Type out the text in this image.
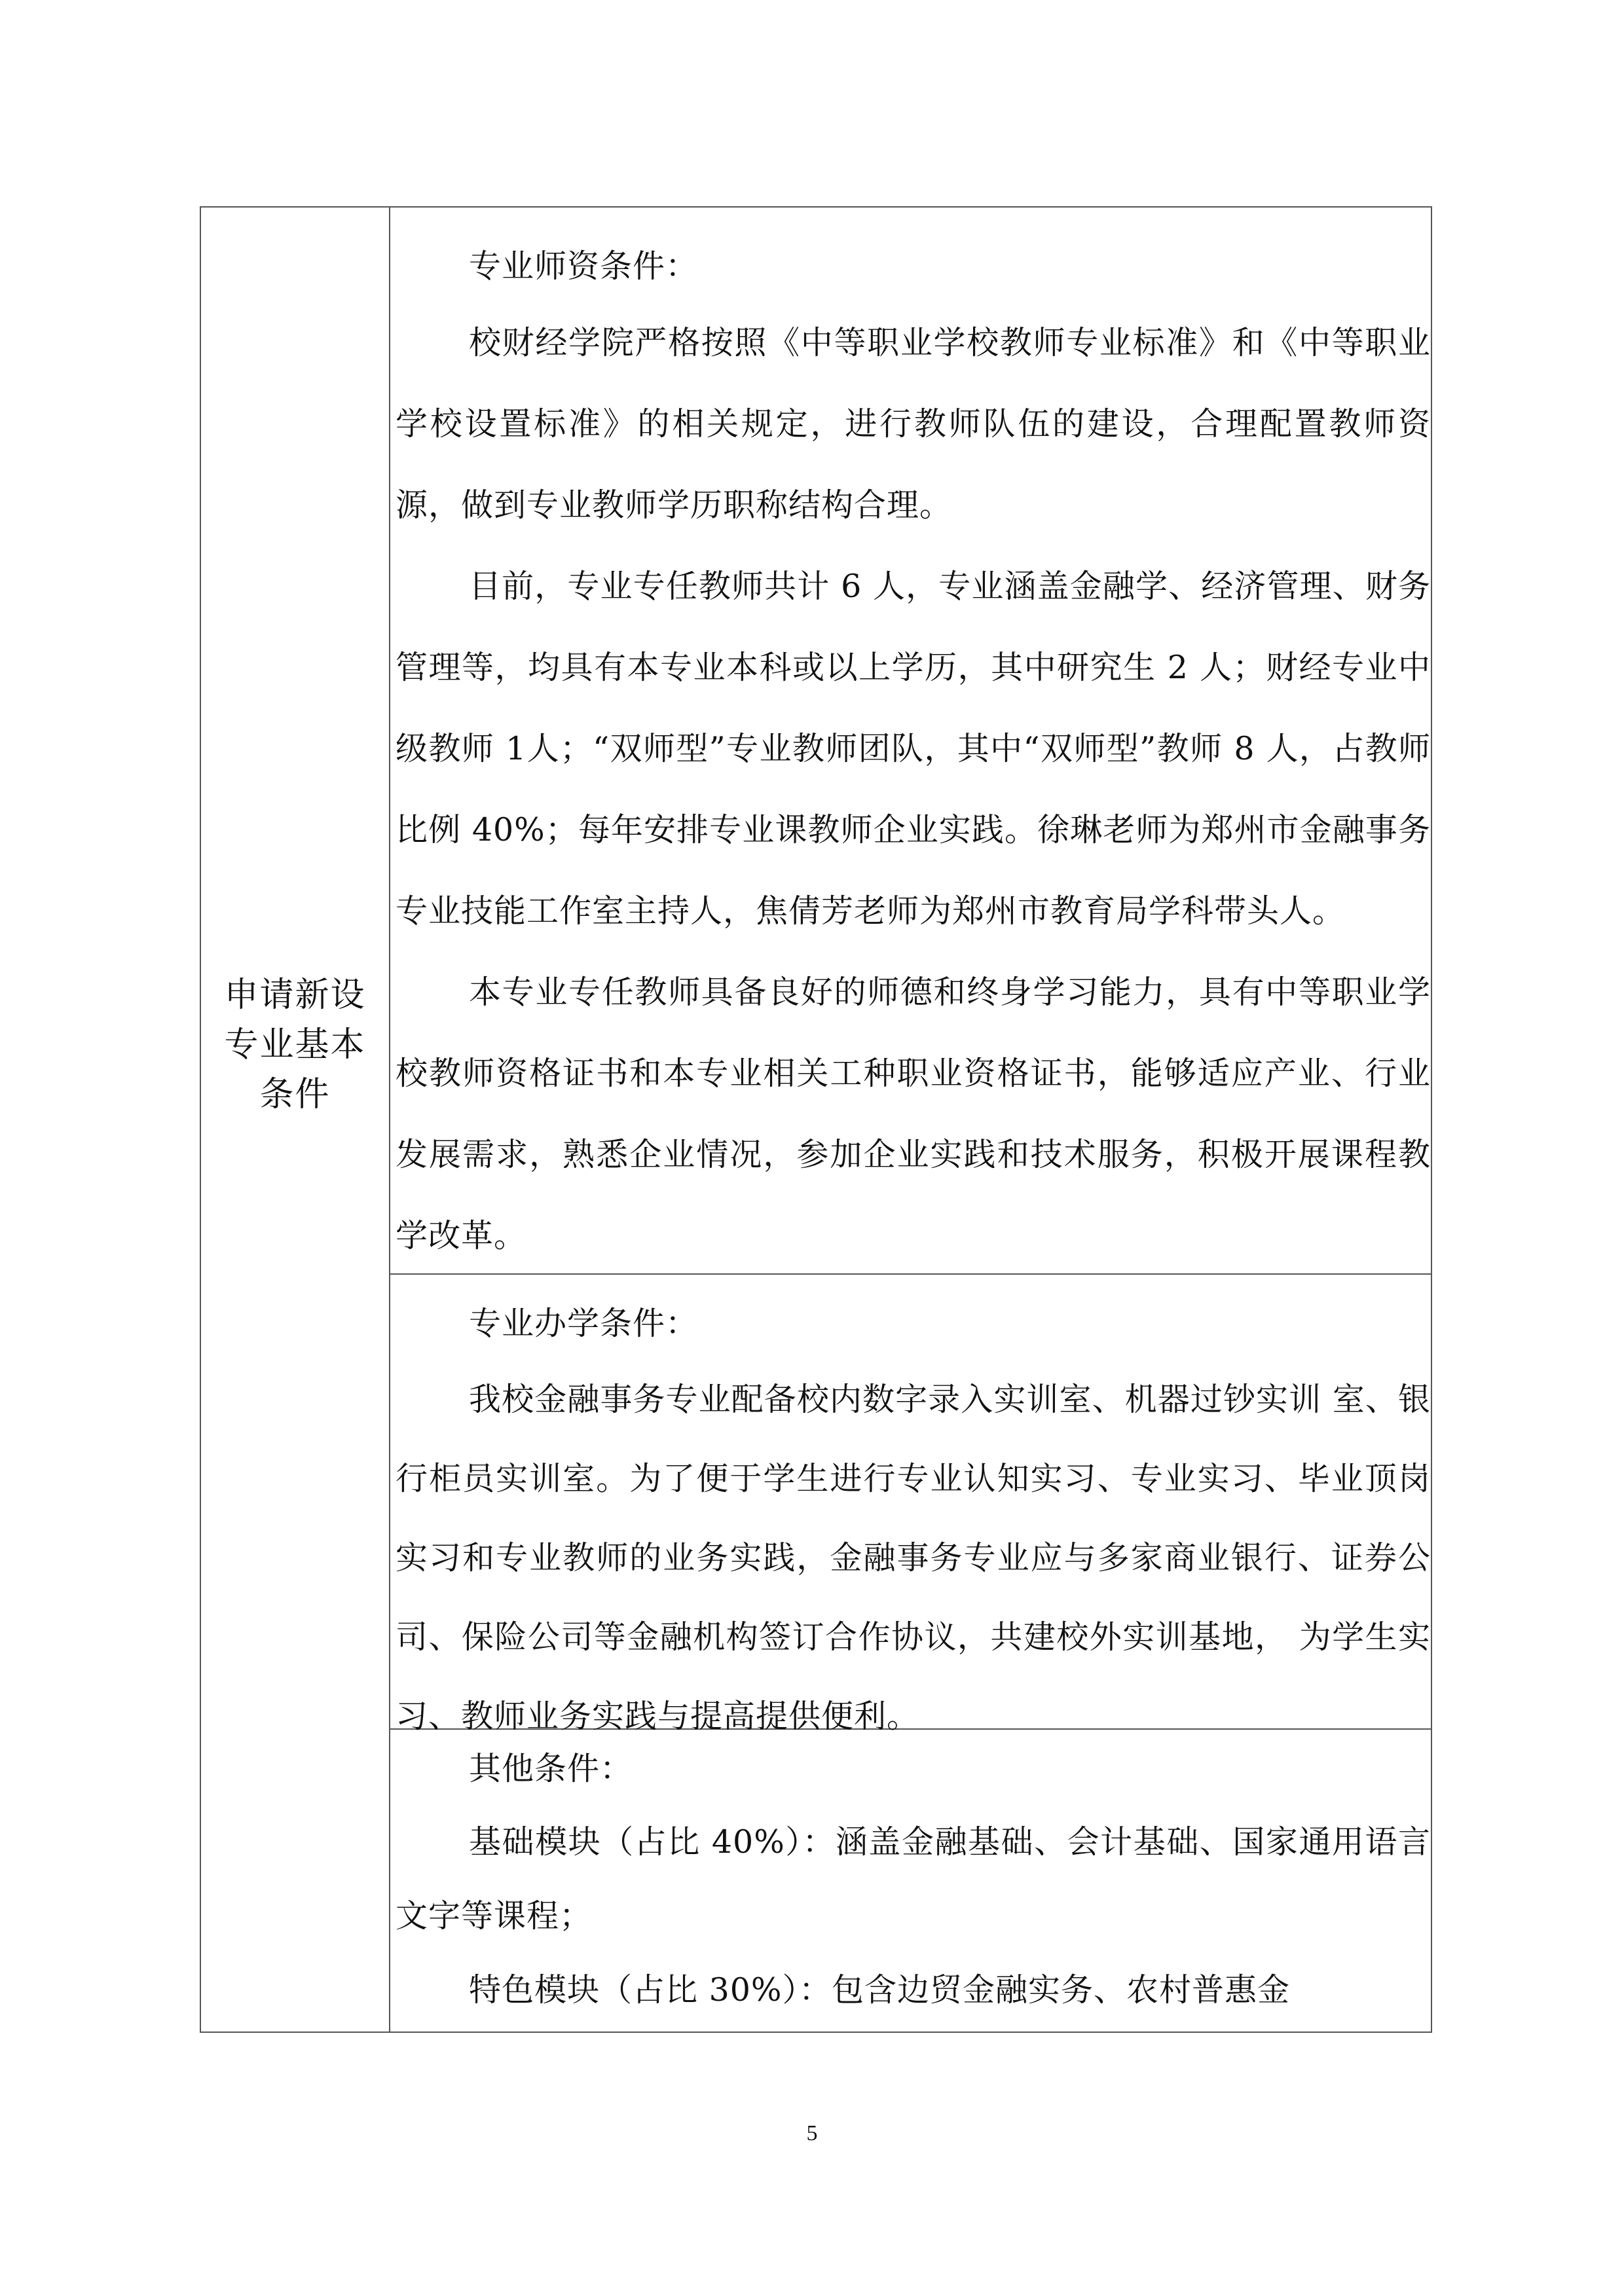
申请新设
专业基本
条件

专业师资条件：

校财经学院严格按照《中等职业学校教师专业标准》和《中等职业学校设置标准》的相关规定，进行教师队伍的建设，合理配置教师资源，做到专业教师学历职称结构合理。

目前，专业专任教师共计 6 人，专业涵盖金融学、经济管理、财务管理等，均具有本专业本科或以上学历，其中研究生 2 人；财经专业中级教师 1人；“双师型”专业教师团队，其中“双师型”教师 8 人，占教师比例 40%；每年安排专业课教师企业实践。徐琳老师为郑州市金融事务专业技能工作室主持人，焦倩芳老师为郑州市教育局学科带头人。

本专业专任教师具备良好的师德和终身学习能力，具有中等职业学校教师资格证书和本专业相关工种职业资格证书，能够适应产业、行业发展需求，熟悉企业情况，参加企业实践和技术服务，积极开展课程教学改革。

专业办学条件：

我校金融事务专业配备校内数字录入实训室、机器过钞实训 室、银行柜员实训室。为了便于学生进行专业认知实习、专业实习、毕业顶岗实习和专业教师的业务实践，金融事务专业应与多家商业银行、证券公司、保险公司等金融机构签订合作协议，共建校外实训基地， 为学生实习、教师业务实践与提高提供便利。

其他条件：

基础模块（占比 40%）：涵盖金融基础、会计基础、国家通用语言文字等课程；

特色模块（占比 30%）：包含边贸金融实务、农村普惠金

5
